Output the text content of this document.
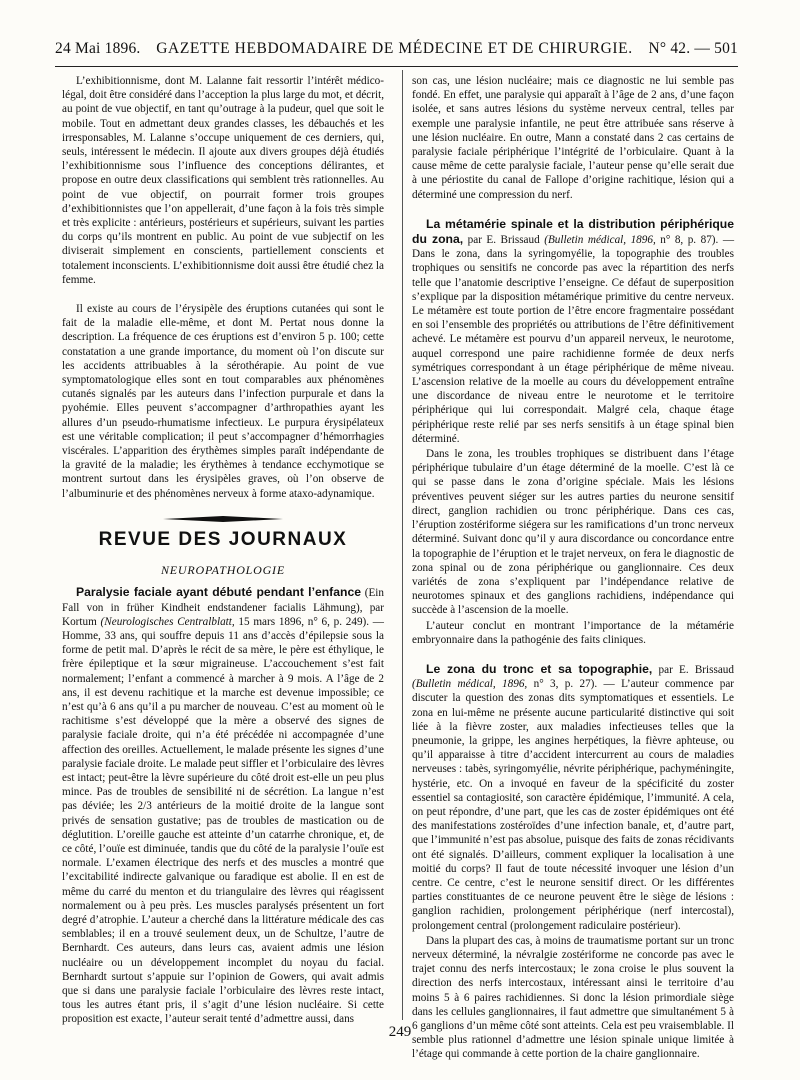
24 Mai 1896. GAZETTE HEBDOMADAIRE DE MÉDECINE ET DE CHIRURGIE. N° 42. — 501

L’exhibitionnisme, dont M. Lalanne fait ressortir l’intérêt médico-légal, doit être considéré dans l’acception la plus large du mot, et décrit, au point de vue objectif, en tant qu’outrage à la pudeur, quel que soit le mobile. Tout en admettant deux grandes classes, les débauchés et les irresponsables, M. Lalanne s’occupe uniquement de ces derniers, qui, seuls, intéressent le médecin. Il ajoute aux divers groupes déjà étudiés l’exhibitionnisme sous l’influence des conceptions délirantes, et propose en outre deux classifications qui semblent très rationnelles. Au point de vue objectif, on pourrait former trois groupes d’exhibitionnistes que l’on appellerait, d’une façon à la fois très simple et très explicite : antérieurs, postérieurs et supérieurs, suivant les parties du corps qu’ils montrent en public. Au point de vue subjectif on les diviserait simplement en conscients, partiellement conscients et totalement inconscients. L’exhibitionnisme doit aussi être étudié chez la femme.

Il existe au cours de l’érysipèle des éruptions cutanées qui sont le fait de la maladie elle-même, et dont M. Pertat nous donne la description. La fréquence de ces éruptions est d’environ 5 p. 100; cette constatation a une grande importance, du moment où l’on discute sur les accidents attribuables à la sérothérapie. Au point de vue symptomatologique elles sont en tout comparables aux phénomènes cutanés signalés par les auteurs dans l’infection purpurale et dans la pyohémie. Elles peuvent s’accompagner d’arthropathies ayant les allures d’un pseudo-rhumatisme infectieux. Le purpura érysipélateux est une véritable complication; il peut s’accompagner d’hémorrhagies viscérales. L’apparition des érythèmes simples paraît indépendante de la gravité de la maladie; les érythèmes à tendance ecchymotique se montrent surtout dans les érysipèles graves, où l’on observe de l’albuminurie et des phénomènes nerveux à forme ataxo-adynamique.

REVUE DES JOURNAUX
NEUROPATHOLOGIE

Paralysie faciale ayant débuté pendant l’enfance (Ein Fall von in früher Kindheit endstandener facialis Lähmung), par Kortum (Neurologisches Centralblatt, 15 mars 1896, n° 6, p. 249). — Homme, 33 ans, qui souffre depuis 11 ans d’accès d’épilepsie sous la forme de petit mal. D’après le récit de sa mère, le père est éthylique, le frère épileptique et la sœur migraineuse. L’accouchement s’est fait normalement; l’enfant a commencé à marcher à 9 mois. A l’âge de 2 ans, il est devenu rachitique et la marche est devenue impossible; ce n’est qu’à 6 ans qu’il a pu marcher de nouveau. C’est au moment où le rachitisme s’est développé que la mère a observé des signes de paralysie faciale droite, qui n’a été précédée ni accompagnée d’une affection des oreilles. Actuellement, le malade présente les signes d’une paralysie faciale droite. Le malade peut siffler et l’orbiculaire des lèvres est intact; peut-être la lèvre supérieure du côté droit est-elle un peu plus mince. Pas de troubles de sensibilité ni de sécrétion. La langue n’est pas déviée; les 2/3 antérieurs de la moitié droite de la langue sont privés de sensation gustative; pas de troubles de mastication ou de déglutition. L’oreille gauche est atteinte d’un catarrhe chronique, et, de ce côté, l’ouïe est diminuée, tandis que du côté de la paralysie l’ouïe est normale. L’examen électrique des nerfs et des muscles a montré que l’excitabilité indirecte galvanique ou faradique est abolie. Il en est de même du carré du menton et du triangulaire des lèvres qui réagissent normalement ou à peu près. Les muscles paralysés présentent un fort degré d’atrophie. L’auteur a cherché dans la littérature médicale des cas semblables; il en a trouvé seulement deux, un de Schultze, l’autre de Bernhardt. Ces auteurs, dans leurs cas, avaient admis une lésion nucléaire ou un développement incomplet du noyau du facial. Bernhardt surtout s’appuie sur l’opinion de Gowers, qui avait admis que si dans une paralysie faciale l’orbiculaire des lèvres reste intact, tous les autres étant pris, il s’agit d’une lésion nucléaire. Si cette proposition est exacte, l’auteur serait tenté d’admettre aussi, dans

son cas, une lésion nucléaire; mais ce diagnostic ne lui semble pas fondé. En effet, une paralysie qui apparaît à l’âge de 2 ans, d’une façon isolée, et sans autres lésions du système nerveux central, telles par exemple une paralysie infantile, ne peut être attribuée sans réserve à une lésion nucléaire. En outre, Mann a constaté dans 2 cas certains de paralysie faciale périphérique l’intégrité de l’orbiculaire. Quant à la cause même de cette paralysie faciale, l’auteur pense qu’elle serait due à une périostite du canal de Fallope d’origine rachitique, lésion qui a déterminé une compression du nerf.

La métamérie spinale et la distribution périphérique du zona, par E. Brissaud (Bulletin médical, 1896, n° 8, p. 87). — Dans le zona, dans la syringomyélie, la topographie des troubles trophiques ou sensitifs ne concorde pas avec la répartition des nerfs telle que l’anatomie descriptive l’enseigne. Ce défaut de superposition s’explique par la disposition métamérique primitive du centre nerveux. Le métamère est toute portion de l’être encore fragmentaire possédant en soi l’ensemble des propriétés ou attributions de l’être définitivement achevé. Le métamère est pourvu d’un appareil nerveux, le neurotome, auquel correspond une paire rachidienne formée de deux nerfs symétriques correspondant à un étage périphérique de même niveau. L’ascension relative de la moelle au cours du développement entraîne une discordance de niveau entre le neurotome et le territoire périphérique qui lui correspondait. Malgré cela, chaque étage périphérique reste relié par ses nerfs sensitifs à un étage spinal bien déterminé.

Dans le zona, les troubles trophiques se distribuent dans l’étage périphérique tubulaire d’un étage déterminé de la moelle. C’est là ce qui se passe dans le zona d’origine spéciale. Mais les lésions préventives peuvent siéger sur les autres parties du neurone sensitif direct, ganglion rachidien ou tronc périphérique. Dans ces cas, l’éruption zostériforme siégera sur les ramifications d’un tronc nerveux déterminé. Suivant donc qu’il y aura discordance ou concordance entre la topographie de l’éruption et le trajet nerveux, on fera le diagnostic de zona spinal ou de zona périphérique ou ganglionnaire. Ces deux variétés de zona s’expliquent par l’indépendance relative de neurotomes spinaux et des ganglions rachidiens, indépendance qui succède à l’ascension de la moelle.

L’auteur conclut en montrant l’importance de la métamérie embryonnaire dans la pathogénie des faits cliniques.

Le zona du tronc et sa topographie, par E. Brissaud (Bulletin médical, 1896, n° 3, p. 27). — L’auteur commence par discuter la question des zonas dits symptomatiques et essentiels. Le zona en lui-même ne présente aucune particularité distinctive qui soit liée à la fièvre zoster, aux maladies infectieuses telles que la pneumonie, la grippe, les angines herpétiques, la fièvre aphteuse, ou qu’il apparaisse à titre d’accident intercurrent au cours de maladies nerveuses : tabès, syringomyélie, névrite périphérique, pachyméningite, hystérie, etc. On a invoqué en faveur de la spécificité du zoster essentiel sa contagiosité, son caractère épidémique, l’immunité. A cela, on peut répondre, d’une part, que les cas de zoster épidémiques ont été des manifestations zostéroïdes d’une infection banale, et, d’autre part, que l’immunité n’est pas absolue, puisque des faits de zonas récidivants ont été signalés. D’ailleurs, comment expliquer la localisation à une moitié du corps? Il faut de toute nécessité invoquer une lésion d’un centre. Ce centre, c’est le neurone sensitif direct. Or les différentes parties constituantes de ce neurone peuvent être le siège de lésions : ganglion rachidien, prolongement périphérique (nerf intercostal), prolongement central (prolongement radiculaire postérieur).

Dans la plupart des cas, à moins de traumatisme portant sur un tronc nerveux déterminé, la névralgie zostériforme ne concorde pas avec le trajet connu des nerfs intercostaux; le zona croise le plus souvent la direction des nerfs intercostaux, intéressant ainsi le territoire d’au moins 5 à 6 paires rachidiennes. Si donc la lésion primordiale siège dans les cellules ganglionnaires, il faut admettre que simultanément 5 à 6 ganglions d’un même côté sont atteints. Cela est peu vraisemblable. Il semble plus rationnel d’admettre une lésion spinale unique limitée à l’étage qui commande à cette portion de la chaire ganglionnaire.

249
